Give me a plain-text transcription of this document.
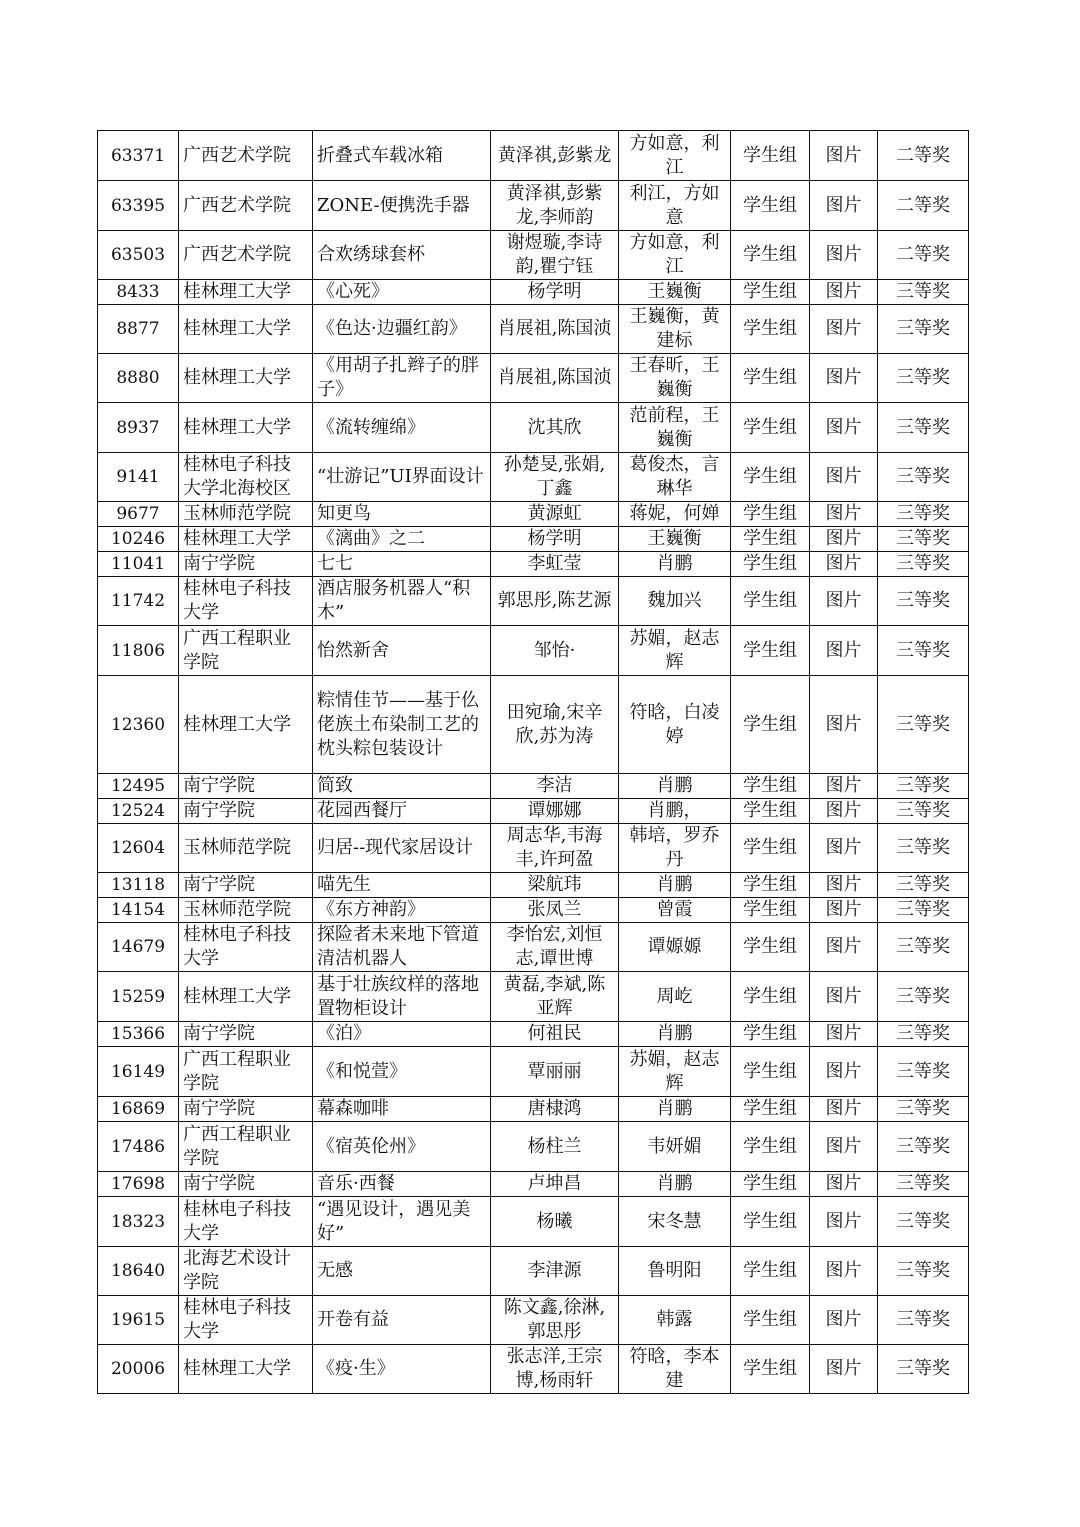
63371	广西艺术学院	折叠式车载冰箱	黄泽祺,彭紫龙	方如意，利江	学生组	图片	二等奖
63395	广西艺术学院	ZONE-便携洗手器	黄泽祺,彭紫龙,李师韵	利江，方如意	学生组	图片	二等奖
63503	广西艺术学院	合欢绣球套杯	谢煜璇,李诗韵,瞿宁钰	方如意，利江	学生组	图片	二等奖
8433	桂林理工大学	《心死》	杨学明	王巍衡	学生组	图片	三等奖
8877	桂林理工大学	《色达·边疆红韵》	肖展祖,陈国浈	王巍衡，黄建标	学生组	图片	三等奖
8880	桂林理工大学	《用胡子扎辫子的胖子》	肖展祖,陈国浈	王春昕，王巍衡	学生组	图片	三等奖
8937	桂林理工大学	《流转缠绵》	沈其欣	范前程，王巍衡	学生组	图片	三等奖
9141	桂林电子科技大学北海校区	“壮游记”UI界面设计	孙楚旻,张娟,丁鑫	葛俊杰，言琳华	学生组	图片	三等奖
9677	玉林师范学院	知更鸟	黄源虹	蒋妮，何婵	学生组	图片	三等奖
10246	桂林理工大学	《漓曲》之二	杨学明	王巍衡	学生组	图片	三等奖
11041	南宁学院	七七	李虹莹	肖鹏	学生组	图片	三等奖
11742	桂林电子科技大学	酒店服务机器人“积木”	郭思彤,陈艺源	魏加兴	学生组	图片	三等奖
11806	广西工程职业学院	怡然新舍	邹怡·	苏媚，赵志辉	学生组	图片	三等奖
12360	桂林理工大学	粽情佳节——基于仫佬族土布染制工艺的枕头粽包装设计	田宛瑜,宋辛欣,苏为涛	符晗，白凌婷	学生组	图片	三等奖
12495	南宁学院	简致	李洁	肖鹏	学生组	图片	三等奖
12524	南宁学院	花园西餐厅	谭娜娜	肖鹏，	学生组	图片	三等奖
12604	玉林师范学院	归居--现代家居设计	周志华,韦海丰,许珂盈	韩培，罗乔丹	学生组	图片	三等奖
13118	南宁学院	喵先生	梁航玮	肖鹏	学生组	图片	三等奖
14154	玉林师范学院	《东方神韵》	张凤兰	曾霞	学生组	图片	三等奖
14679	桂林电子科技大学	探险者未来地下管道清洁机器人	李怡宏,刘恒志,谭世博	谭嫄嫄	学生组	图片	三等奖
15259	桂林理工大学	基于壮族纹样的落地置物柜设计	黄磊,李斌,陈亚辉	周屹	学生组	图片	三等奖
15366	南宁学院	《泊》	何祖民	肖鹏	学生组	图片	三等奖
16149	广西工程职业学院	《和悦萱》	覃丽丽	苏媚，赵志辉	学生组	图片	三等奖
16869	南宁学院	幕森咖啡	唐棣鸿	肖鹏	学生组	图片	三等奖
17486	广西工程职业学院	《宿英伦州》	杨柱兰	韦妍媚	学生组	图片	三等奖
17698	南宁学院	音乐·西餐	卢坤昌	肖鹏	学生组	图片	三等奖
18323	桂林电子科技大学	“遇见设计，遇见美好”	杨曦	宋冬慧	学生组	图片	三等奖
18640	北海艺术设计学院	无感	李津源	鲁明阳	学生组	图片	三等奖
19615	桂林电子科技大学	开卷有益	陈文鑫,徐淋,郭思彤	韩露	学生组	图片	三等奖
20006	桂林理工大学	《疫·生》	张志洋,王宗博,杨雨轩	符晗，李本建	学生组	图片	三等奖
